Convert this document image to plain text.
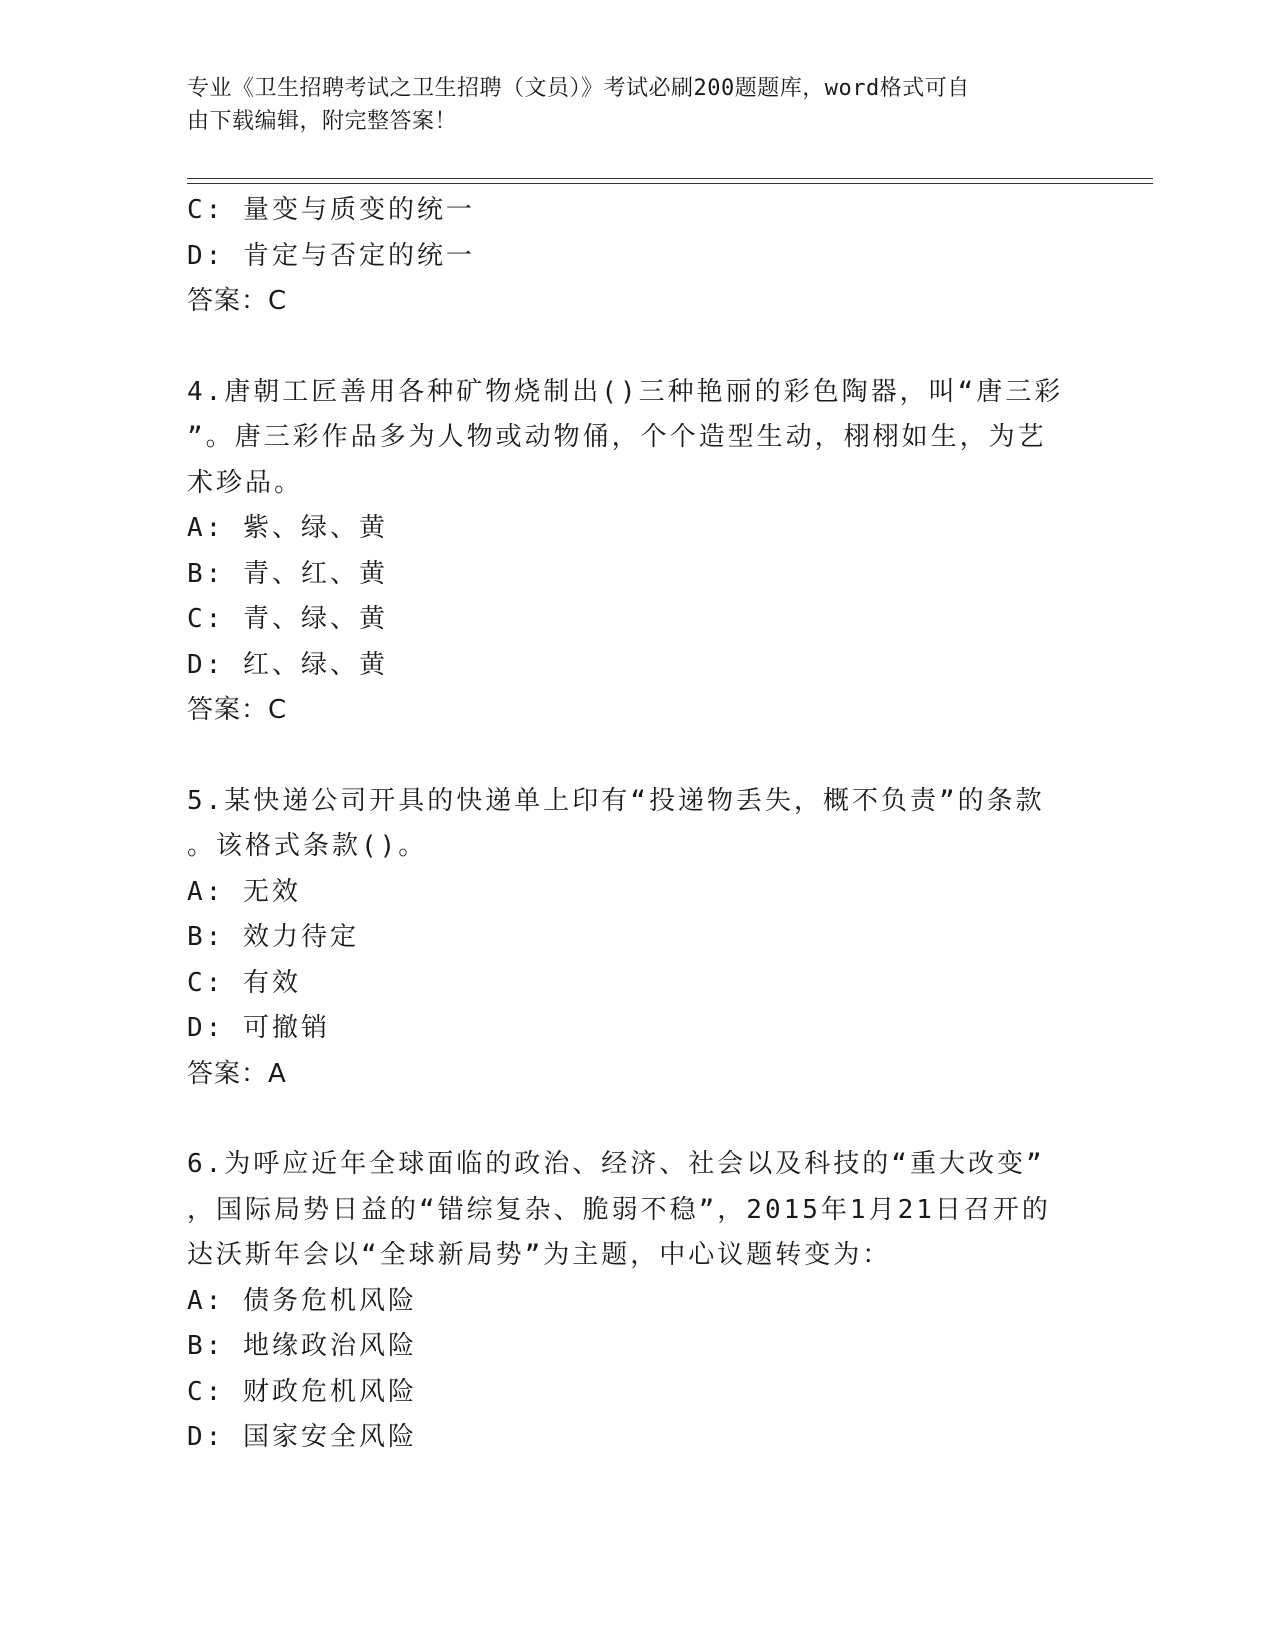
专业《卫生招聘考试之卫生招聘（文员）》考试必刷200题题库，word格式可自
由下载编辑，附完整答案！
C: 量变与质变的统一
D: 肯定与否定的统一
答案：C
4.唐朝工匠善用各种矿物烧制出()三种艳丽的彩色陶器，叫“唐三彩
”。唐三彩作品多为人物或动物俑，个个造型生动，栩栩如生，为艺
术珍品。
A: 紫、绿、黄
B: 青、红、黄
C: 青、绿、黄
D: 红、绿、黄
答案：C
5.某快递公司开具的快递单上印有“投递物丢失，概不负责”的条款
。该格式条款()。
A: 无效
B: 效力待定
C: 有效
D: 可撤销
答案：A
6.为呼应近年全球面临的政治、经济、社会以及科技的“重大改变”
，国际局势日益的“错综复杂、脆弱不稳”，2015年1月21日召开的
达沃斯年会以“全球新局势”为主题，中心议题转变为：
A: 债务危机风险
B: 地缘政治风险
C: 财政危机风险
D: 国家安全风险
